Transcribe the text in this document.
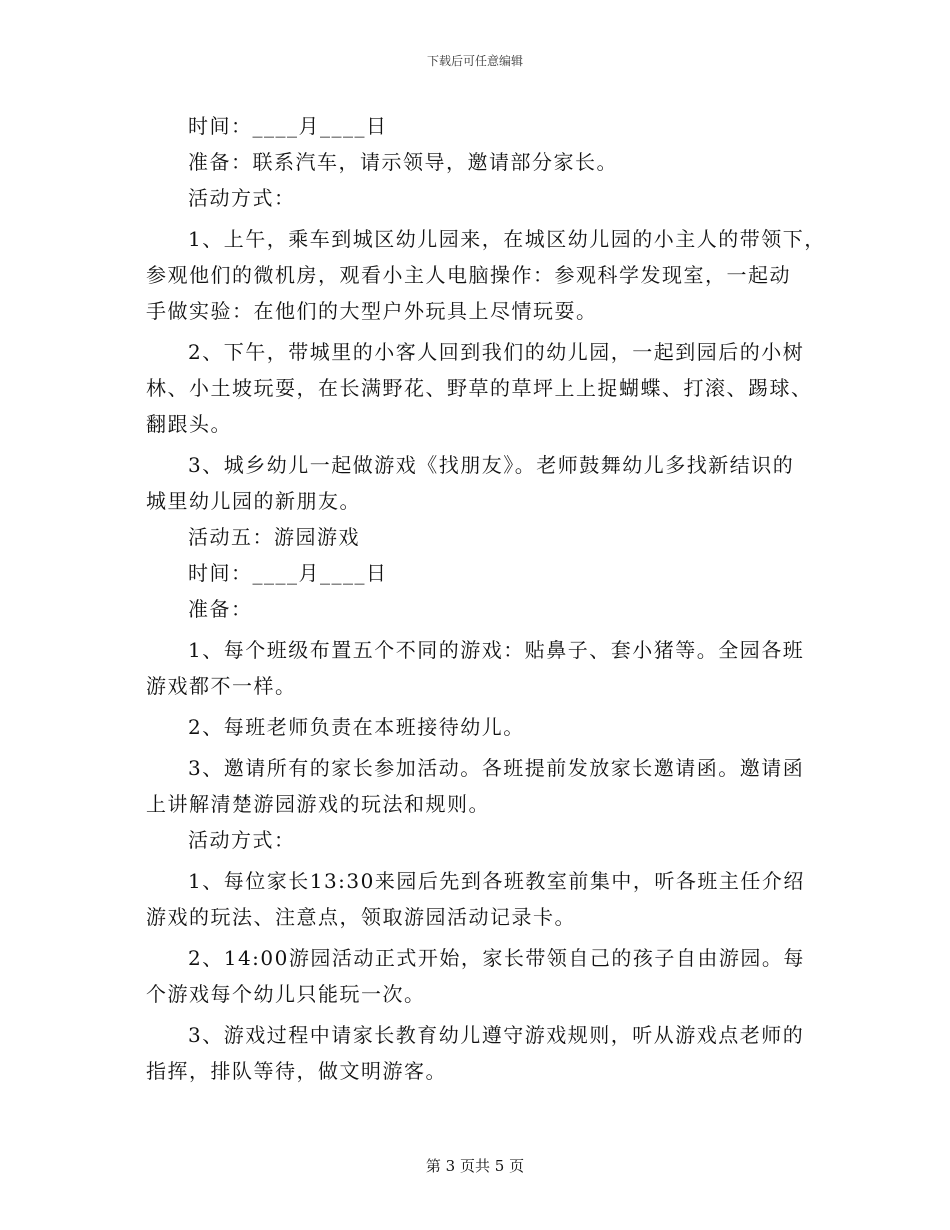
下载后可任意编辑
时间：____月____日
准备：联系汽车，请示领导，邀请部分家长。
活动方式：
1、上午，乘车到城区幼儿园来，在城区幼儿园的小主人的带领下，
参观他们的微机房，观看小主人电脑操作：参观科学发现室，一起动
手做实验：在他们的大型户外玩具上尽情玩耍。
2、下午，带城里的小客人回到我们的幼儿园，一起到园后的小树
林、小土坡玩耍，在长满野花、野草的草坪上上捉蝴蝶、打滚、踢球、
翻跟头。
3、城乡幼儿一起做游戏《找朋友》。老师鼓舞幼儿多找新结识的
城里幼儿园的新朋友。
活动五：游园游戏
时间：____月____日
准备：
1、每个班级布置五个不同的游戏：贴鼻子、套小猪等。全园各班
游戏都不一样。
2、每班老师负责在本班接待幼儿。
3、邀请所有的家长参加活动。各班提前发放家长邀请函。邀请函
上讲解清楚游园游戏的玩法和规则。
活动方式：
1、每位家长13:30来园后先到各班教室前集中，听各班主任介绍
游戏的玩法、注意点，领取游园活动记录卡。
2、14:00游园活动正式开始，家长带领自己的孩子自由游园。每
个游戏每个幼儿只能玩一次。
3、游戏过程中请家长教育幼儿遵守游戏规则，听从游戏点老师的
指挥，排队等待，做文明游客。
第 3 页共 5 页
